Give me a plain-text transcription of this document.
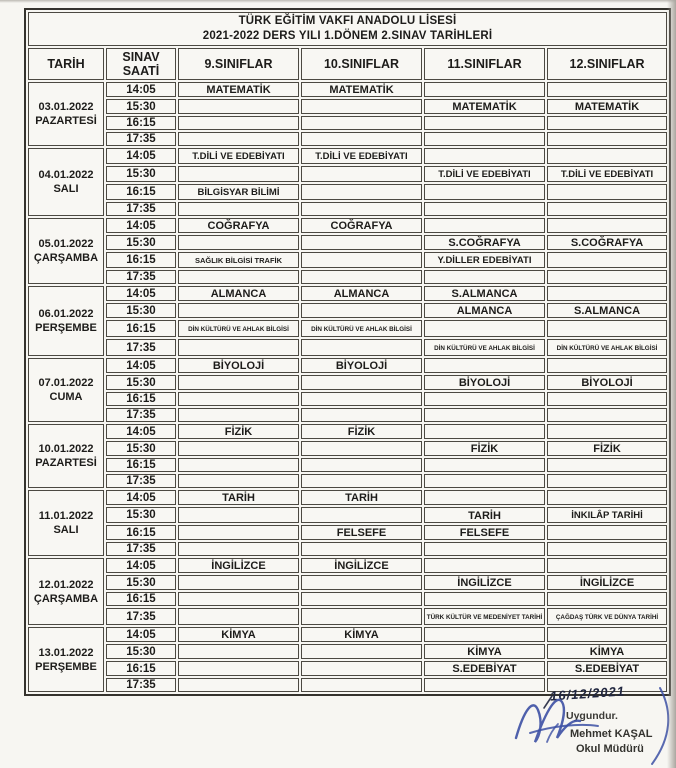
TÜRK EĞİTİM VAKFI ANADOLU LİSESİ
2021-2022 DERS YILI 1.DÖNEM 2.SINAV TARİHLERİ					

TARİH	SINAV SAATİ	9.SINIFLAR	10.SINIFLAR	11.SINIFLAR	12.SINIFLAR

03.01.2022
PAZARTESİ	14:05	MATEMATİK	MATEMATİK		
	15:30			MATEMATİK	MATEMATİK
	16:15				
	17:35				

04.01.2022
SALI	14:05	T.DİLİ VE EDEBİYATI	T.DİLİ VE EDEBİYATI		
	15:30			T.DİLİ VE EDEBİYATI	T.DİLİ VE EDEBİYATI
	16:15	BİLGİSYAR BİLİMİ			
	17:35				

05.01.2022
ÇARŞAMBA	14:05	COĞRAFYA	COĞRAFYA		
	15:30			S.COĞRAFYA	S.COĞRAFYA
	16:15	SAĞLIK BİLGİSİ TRAFİK		Y.DİLLER EDEBİYATI	
	17:35				

06.01.2022
PERŞEMBE	14:05	ALMANCA	ALMANCA	S.ALMANCA	
	15:30			ALMANCA	S.ALMANCA
	16:15	DİN KÜLTÜRÜ VE AHLAK BİLGİSİ	DİN KÜLTÜRÜ VE AHLAK BİLGİSİ		
	17:35			DİN KÜLTÜRÜ VE AHLAK BİLGİSİ	DİN KÜLTÜRÜ VE AHLAK BİLGİSİ

07.01.2022
CUMA	14:05	BİYOLOJİ	BİYOLOJİ		
	15:30			BİYOLOJİ	BİYOLOJİ
	16:15				
	17:35				

10.01.2022
PAZARTESİ	14:05	FİZİK	FİZİK		
	15:30			FİZİK	FİZİK
	16:15				
	17:35				

11.01.2022
SALI	14:05	TARİH	TARİH		
	15:30			TARİH	İNKILÂP TARİHİ
	16:15		FELSEFE	FELSEFE	
	17:35				

12.01.2022
ÇARŞAMBA	14:05	İNGİLİZCE	İNGİLİZCE		
	15:30			İNGİLİZCE	İNGİLİZCE
	16:15				
	17:35			TÜRK KÜLTÜR VE MEDENİYET TARİHİ	ÇAĞDAŞ TÜRK VE DÜNYA TARİHİ

13.01.2022
PERŞEMBE	14:05	KİMYA	KİMYA		
	15:30			KİMYA	KİMYA
	16:15			S.EDEBİYAT	S.EDEBİYAT
	17:35					16/12/2021
Uygundur.
Mehmet KAŞAL
Okul Müdürü
